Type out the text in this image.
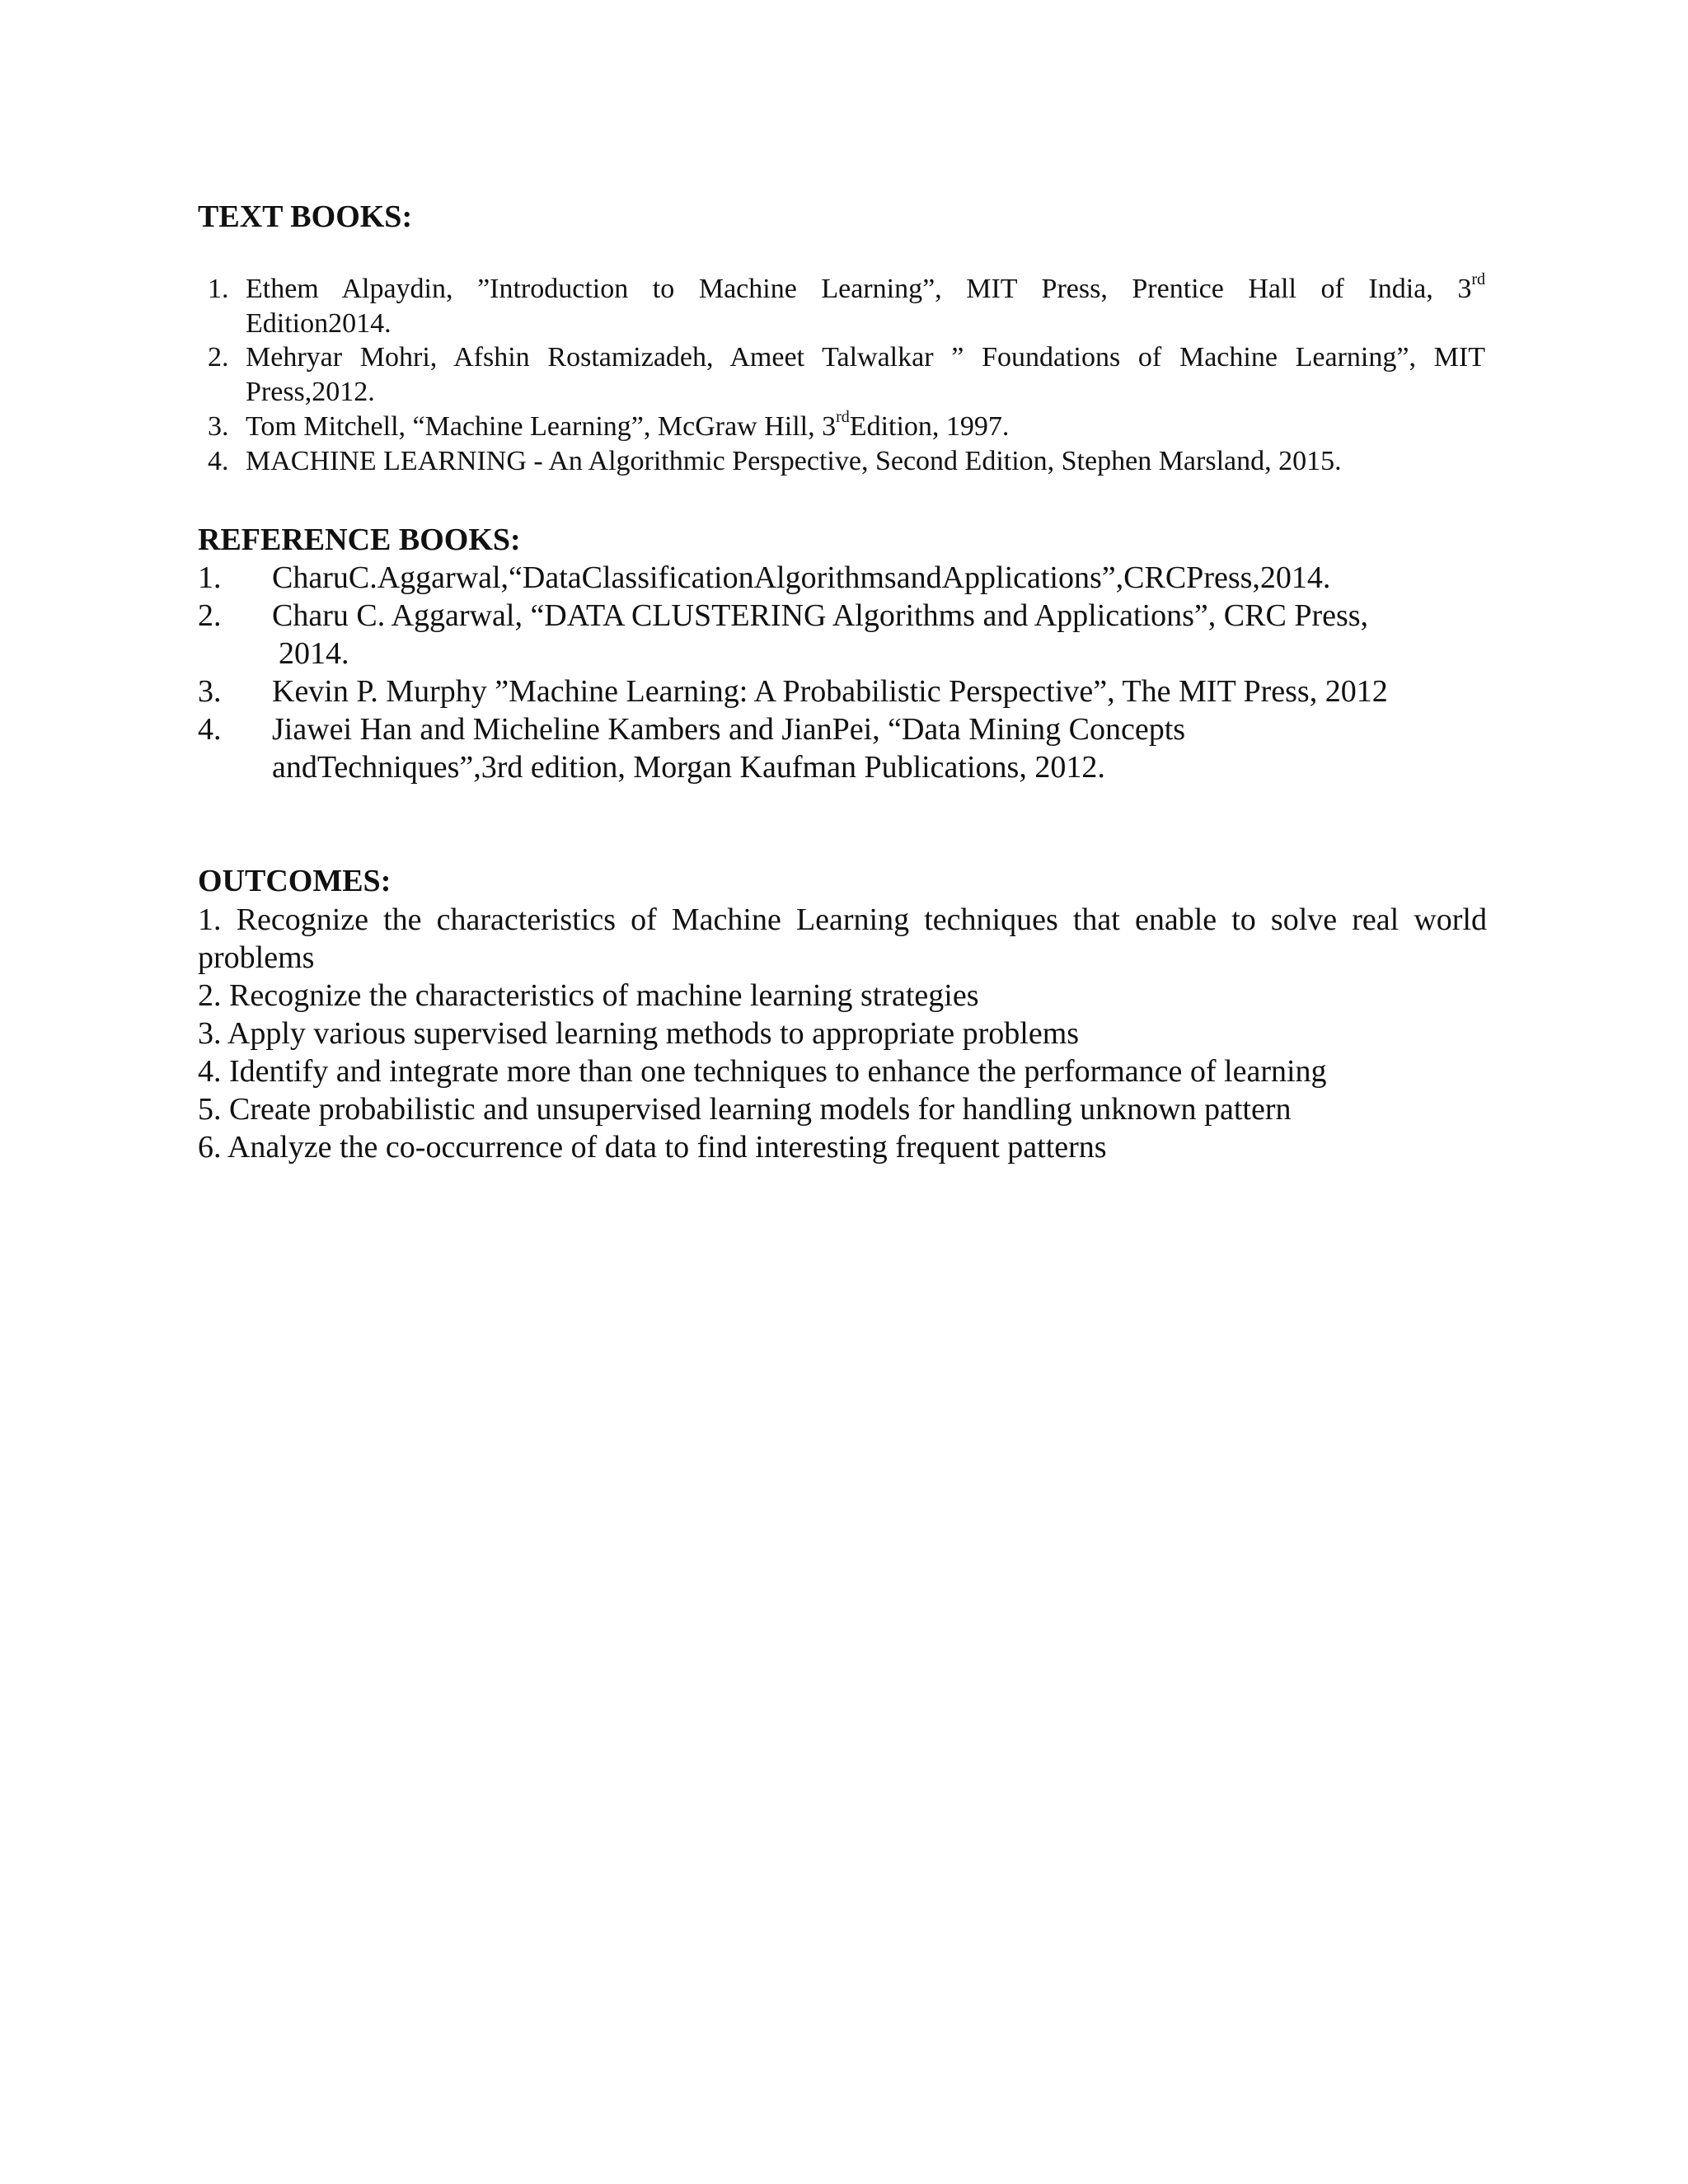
TEXT BOOKS:
1. Ethem Alpaydin, ”Introduction to Machine Learning”, MIT Press, Prentice Hall of India, 3rd
Edition2014.
2. Mehryar Mohri, Afshin Rostamizadeh, Ameet Talwalkar ” Foundations of Machine Learning”, MIT
Press,2012.
3. Tom Mitchell, “Machine Learning”, McGraw Hill, 3rdEdition, 1997.
4. MACHINE LEARNING - An Algorithmic Perspective, Second Edition, Stephen Marsland, 2015.
REFERENCE BOOKS:
1. CharuC.Aggarwal,“DataClassificationAlgorithmsandApplications”,CRCPress,2014.
2. Charu C. Aggarwal, “DATA CLUSTERING Algorithms and Applications”, CRC Press,
2014.
3. Kevin P. Murphy ”Machine Learning: A Probabilistic Perspective”, The MIT Press, 2012
4. Jiawei Han and Micheline Kambers and JianPei, “Data Mining Concepts
andTechniques”,3rd edition, Morgan Kaufman Publications, 2012.
OUTCOMES:
1. Recognize the characteristics of Machine Learning techniques that enable to solve real world
problems
2. Recognize the characteristics of machine learning strategies
3. Apply various supervised learning methods to appropriate problems
4. Identify and integrate more than one techniques to enhance the performance of learning
5. Create probabilistic and unsupervised learning models for handling unknown pattern
6. Analyze the co-occurrence of data to find interesting frequent patterns
